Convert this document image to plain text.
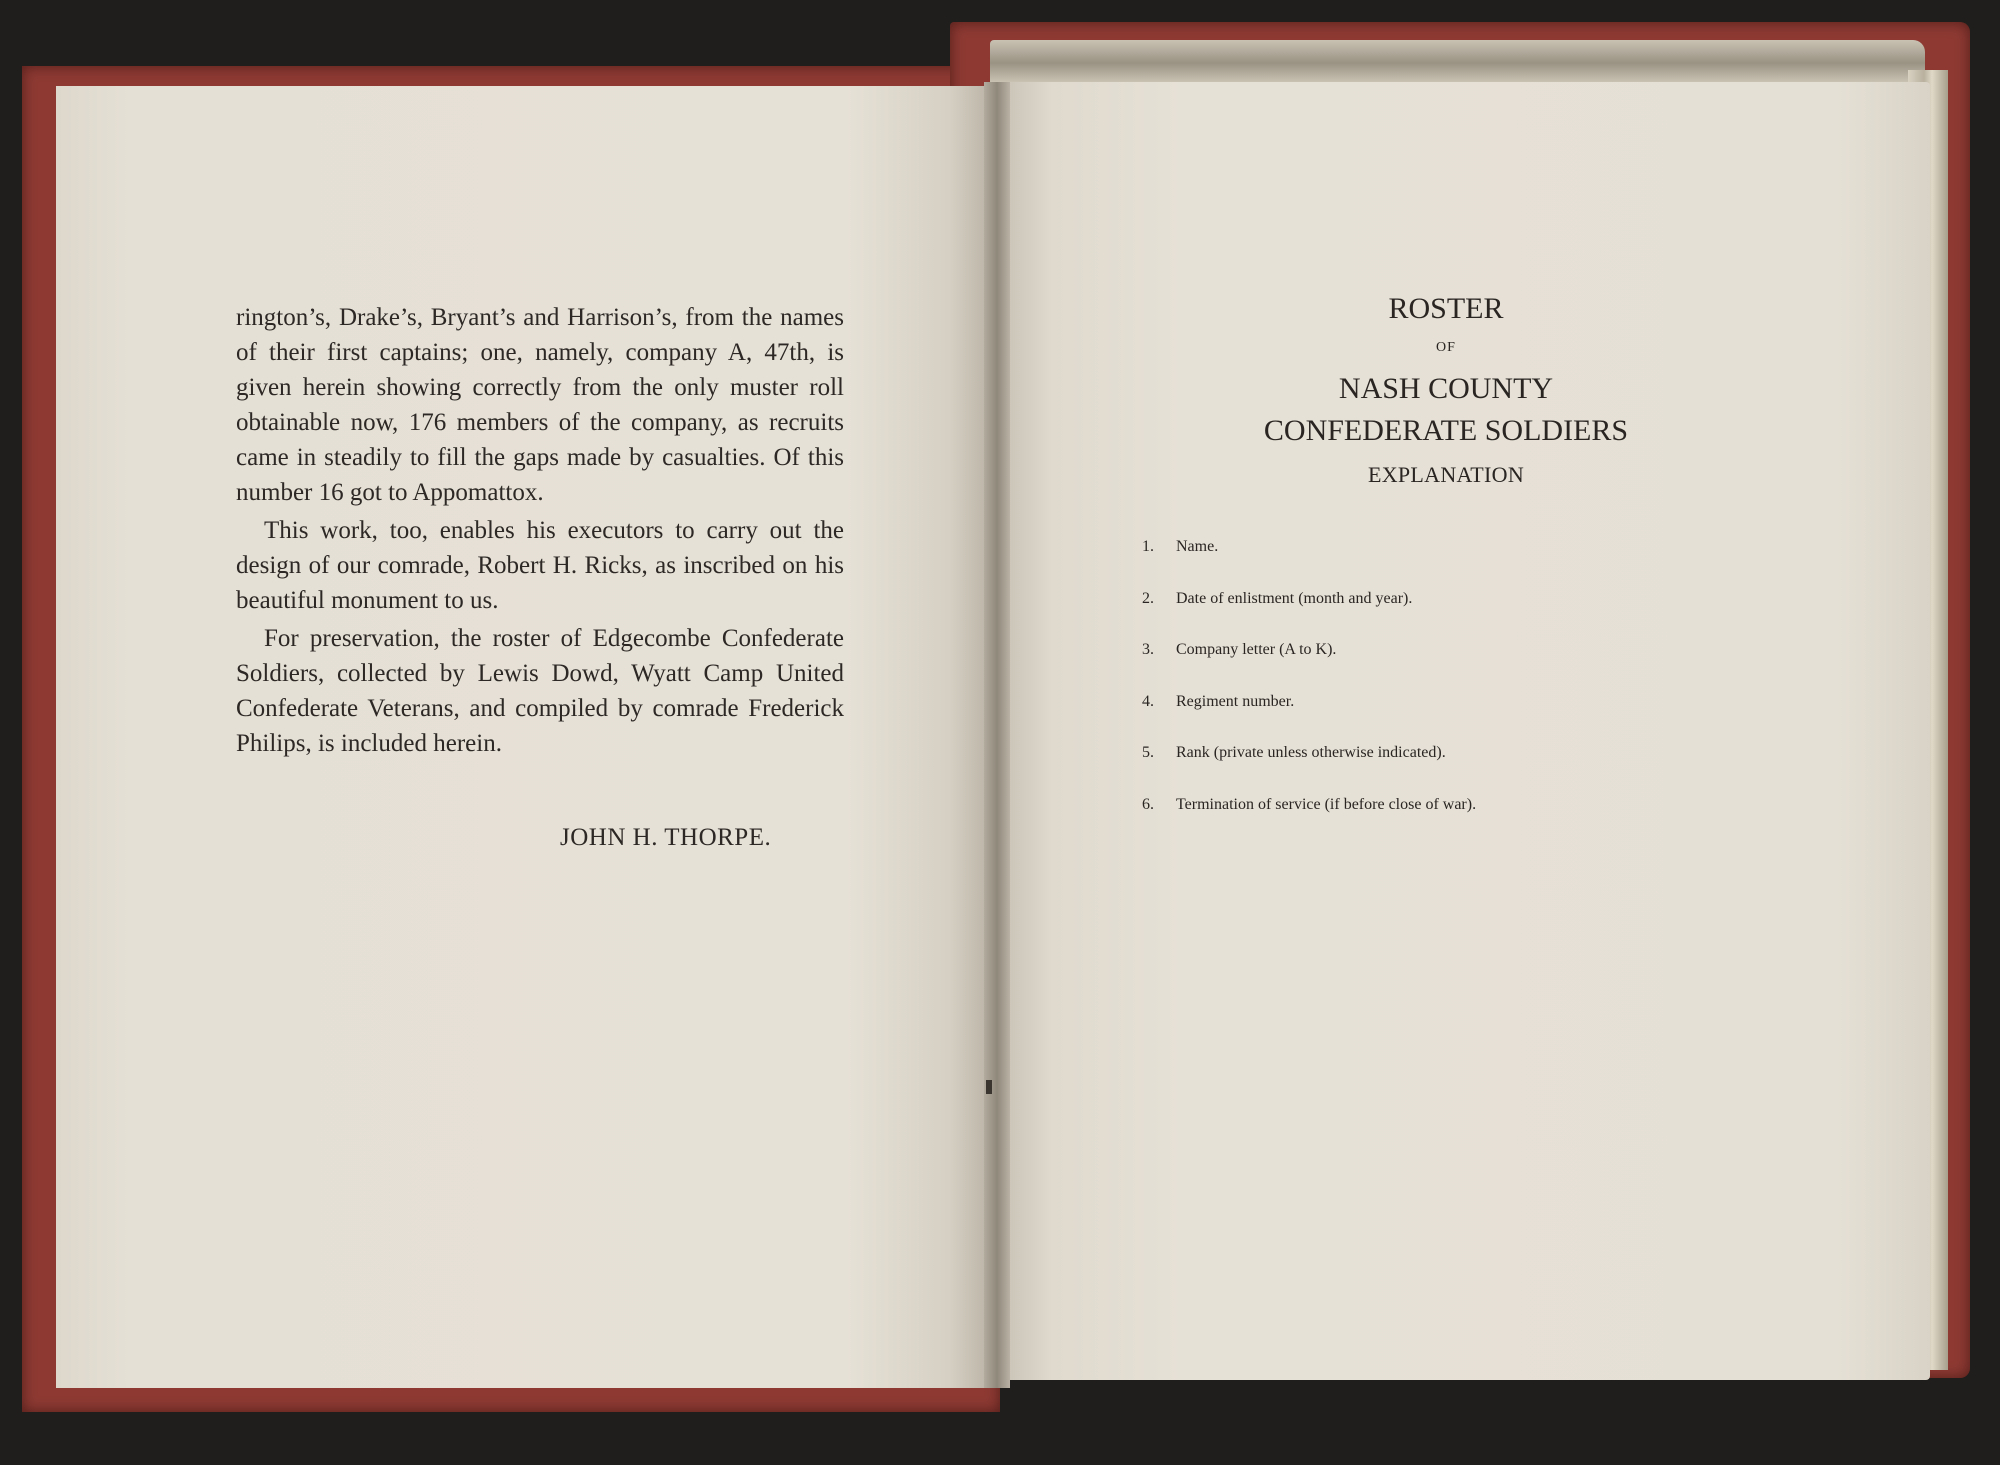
rington’s, Drake’s, Bryant’s and Harrison’s, from the names of their first captains; one, namely, company A, 47th, is given herein showing correctly from the only muster roll obtainable now, 176 members of the company, as recruits came in steadily to fill the gaps made by casualties. Of this number 16 got to Appomattox.

This work, too, enables his executors to carry out the design of our comrade, Robert H. Ricks, as inscribed on his beautiful monument to us.

For preservation, the roster of Edgecombe Confederate Soldiers, collected by Lewis Dowd, Wyatt Camp United Confederate Veterans, and compiled by comrade Frederick Philips, is included herein.

JOHN H. THORPE.
ROSTER
OF
NASH COUNTY
CONFEDERATE SOLDIERS
EXPLANATION
1.	Name.
2.	Date of enlistment (month and year).
3.	Company letter (A to K).
4.	Regiment number.
5.	Rank (private unless otherwise indicated).
6.	Termination of service (if before close of war).
